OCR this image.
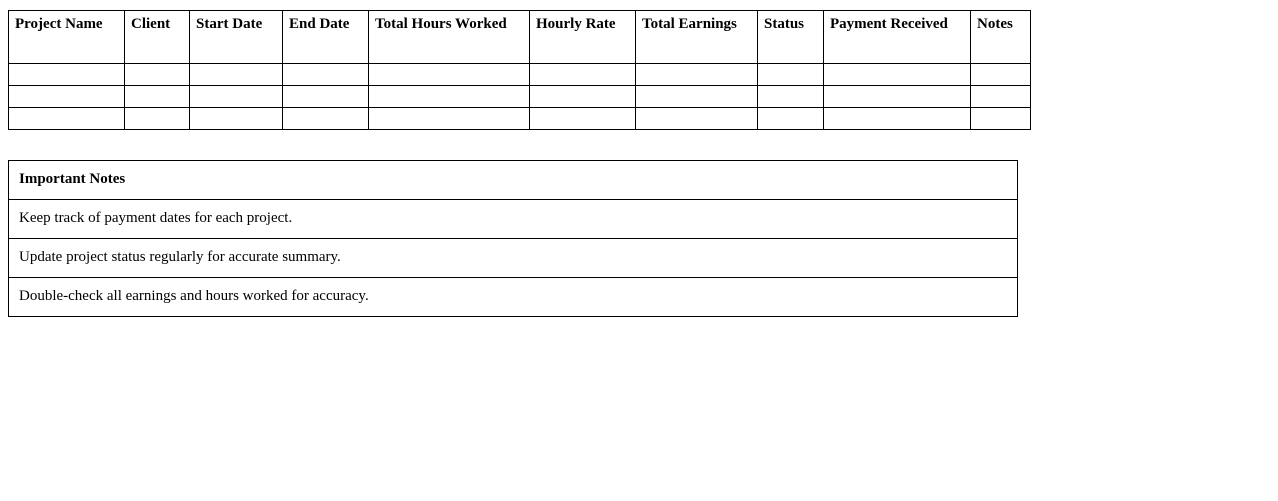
Project Name	Client	Start Date	End Date	Total Hours Worked	Hourly Rate	Total Earnings	Status	Payment Received	Notes

Important Notes
Keep track of payment dates for each project.
Update project status regularly for accurate summary.
Double-check all earnings and hours worked for accuracy.
